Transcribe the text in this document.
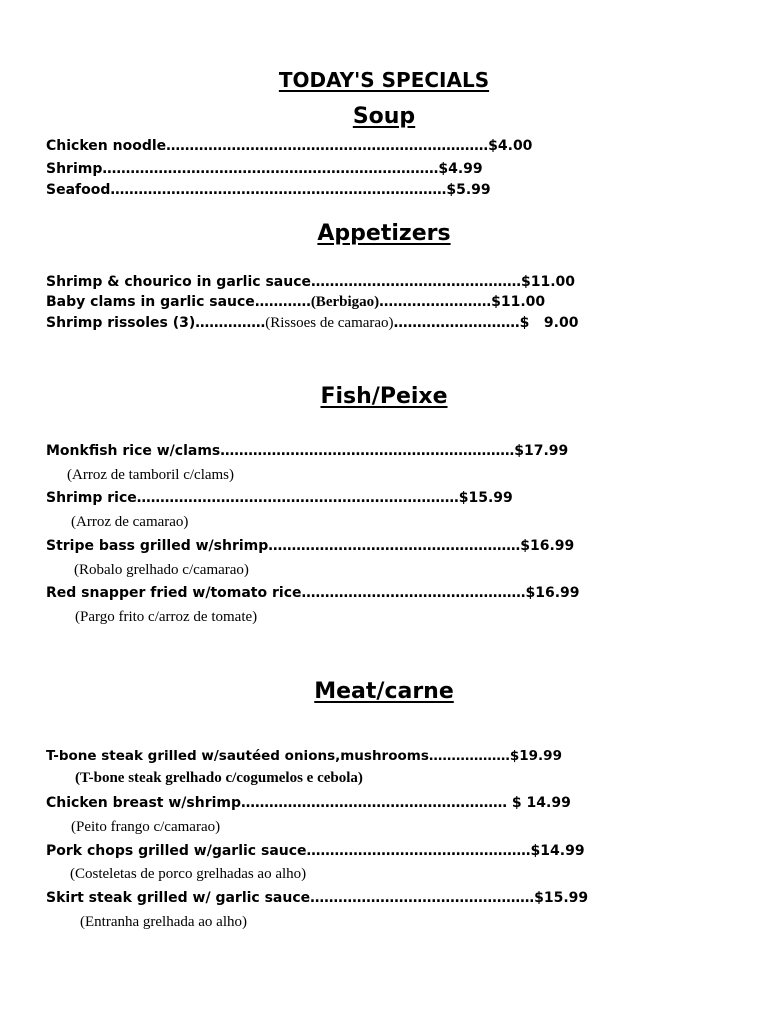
TODAY'S SPECIALS
Soup
Chicken noodle……………………………………………………………$4.00
Shrimp………………………………………………………………$4.99
Seafood………………………………………………………………$5.99
Appetizers
Shrimp & chourico in garlic sauce………………………………………$11.00
Baby clams in garlic sauce…………(Berbigao)……………………$11.00
Shrimp rissoles (3)……………(Rissoes de camarao)………………………$   9.00
Fish/Peixe
Monkfish rice w/clams………………………………………………………$17.99
(Arroz de tamboril c/clams)
Shrimp rice……………………………………………………………$15.99
(Arroz de camarao)
Stripe bass grilled w/shrimp………………………………………………$16.99
(Robalo grelhado c/camarao)
Red snapper fried w/tomato rice…………………………………………$16.99
(Pargo frito c/arroz de tomate)
Meat/carne
T-bone steak grilled w/sautéed onions,mushrooms………………$19.99
(T-bone steak grelhado c/cogumelos e cebola)
Chicken breast w/shrimp………………………………………………… $ 14.99
(Peito frango c/camarao)
Pork chops grilled w/garlic sauce…………………………………………$14.99
(Costeletas de porco grelhadas ao alho)
Skirt steak grilled w/ garlic sauce…………………………………………$15.99
(Entranha grelhada ao alho)
